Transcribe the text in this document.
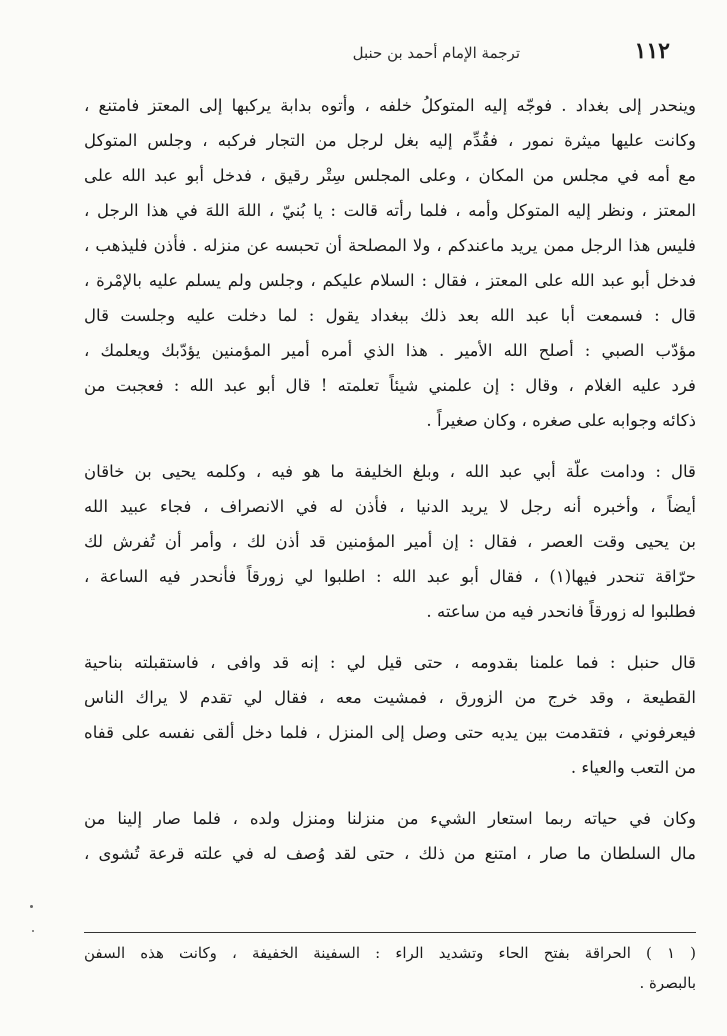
١١٢
ترجمة الإمام أحمد بن حنبل
وينحدر إلى بغداد . فوجّه إليه المتوكلُ خلفه ، وأتوه بدابة يركبها إلى المعتز فامتنع ،
وكانت عليها ميثرة نمور ، فقُدِّم إليه بغل لرجل من التجار فركبه ، وجلس المتوكل
مع أمه في مجلس من المكان ، وعلى المجلس سِتْر رقيق ، فدخل أبو عبد الله على
المعتز ، ونظر إليه المتوكل وأمه ، فلما رأته قالت : يا بُنيّ ، اللهَ اللهَ في هذا الرجل ،
فليس هذا الرجل ممن يريد ماعندكم ، ولا المصلحة أن تحبسه عن منزله . فأذن فليذهب ،
فدخل أبو عبد الله على المعتز ، فقال : السلام عليكم ، وجلس ولم يسلم عليه بالإمْرة ،
قال : فسمعت أبا عبد الله بعد ذلك ببغداد يقول : لما دخلت عليه وجلست قال
مؤدّب الصبي : أصلح الله الأمير . هذا الذي أمره أمير المؤمنين يؤدّبك ويعلمك ،
فرد عليه الغلام ، وقال : إن علمني شيئاً تعلمته ! قال أبو عبد الله : فعجبت من
ذكائه وجوابه على صغره ، وكان صغيراً .
قال : ودامت علّة أبي عبد الله ، وبلغ الخليفة ما هو فيه ، وكلمه يحيى بن خاقان
أيضاً ، وأخبره أنه رجل لا يريد الدنيا ، فأذن له في الانصراف ، فجاء عبيد الله
بن يحيى وقت العصر ، فقال : إن أمير المؤمنين قد أذن لك ، وأمر أن تُفرش لك
حرّاقة تنحدر فيها(١) ، فقال أبو عبد الله : اطلبوا لي زورقاً فأنحدر فيه الساعة ،
فطلبوا له زورقاً فانحدر فيه من ساعته .
قال حنبل : فما علمنا بقدومه ، حتى قيل لي : إنه قد وافى ، فاستقبلته بناحية
القطيعة ، وقد خرج من الزورق ، فمشيت معه ، فقال لي تقدم لا يراك الناس
فيعرفوني ، فتقدمت بين يديه حتى وصل إلى المنزل ، فلما دخل ألقى نفسه على قفاه
من التعب والعياء .
وكان في حياته ربما استعار الشيء من منزلنا ومنزل ولده ، فلما صار إلينا من
مال السلطان ما صار ، امتنع من ذلك ، حتى لقد وُصف له في علته قرعة تُشوى ،
( ١ ) الحراقة بفتح الحاء وتشديد الراء : السفينة الخفيفة ، وكانت هذه السفن
بالبصرة .
